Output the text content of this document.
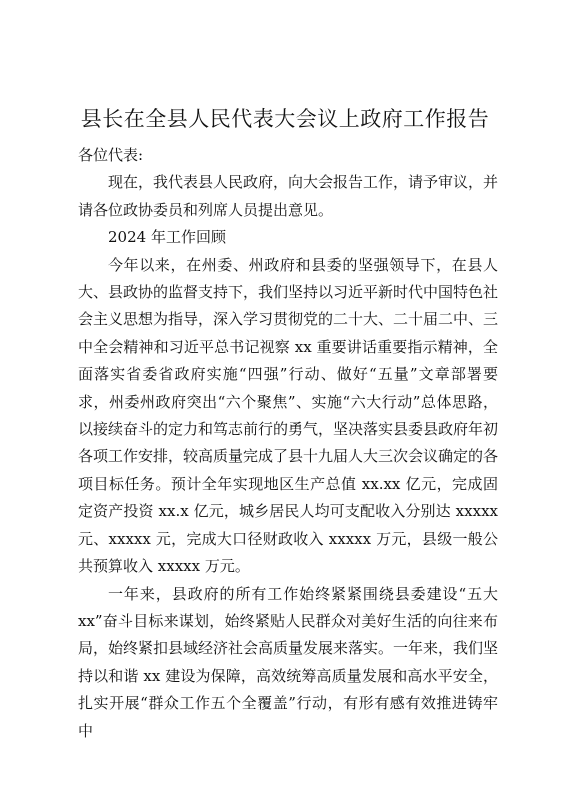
县长在全县人民代表大会议上政府工作报告

各位代表:

现在，我代表县人民政府，向大会报告工作，请予审议，并请各位政协委员和列席人员提出意见。

2024 年工作回顾

今年以来，在州委、州政府和县委的坚强领导下，在县人大、县政协的监督支持下，我们坚持以习近平新时代中国特色社会主义思想为指导，深入学习贯彻党的二十大、二十届二中、三中全会精神和习近平总书记视察 xx 重要讲话重要指示精神，全面落实省委省政府实施“四强”行动、做好“五量”文章部署要求，州委州政府突出“六个聚焦”、实施“六大行动”总体思路，以接续奋斗的定力和笃志前行的勇气，坚决落实县委县政府年初各项工作安排，较高质量完成了县十九届人大三次会议确定的各项目标任务。预计全年实现地区生产总值 xx.xx 亿元，完成固定资产投资 xx.x 亿元，城乡居民人均可支配收入分别达 xxxxx 元、xxxxx 元，完成大口径财政收入 xxxxx 万元，县级一般公共预算收入 xxxxx 万元。

一年来，县政府的所有工作始终紧紧围绕县委建设“五大 xx”奋斗目标来谋划，始终紧贴人民群众对美好生活的向往来布局，始终紧扣县域经济社会高质量发展来落实。一年来，我们坚持以和谐 xx 建设为保障，高效统筹高质量发展和高水平安全，扎实开展“群众工作五个全覆盖”行动，有形有感有效推进铸牢中
